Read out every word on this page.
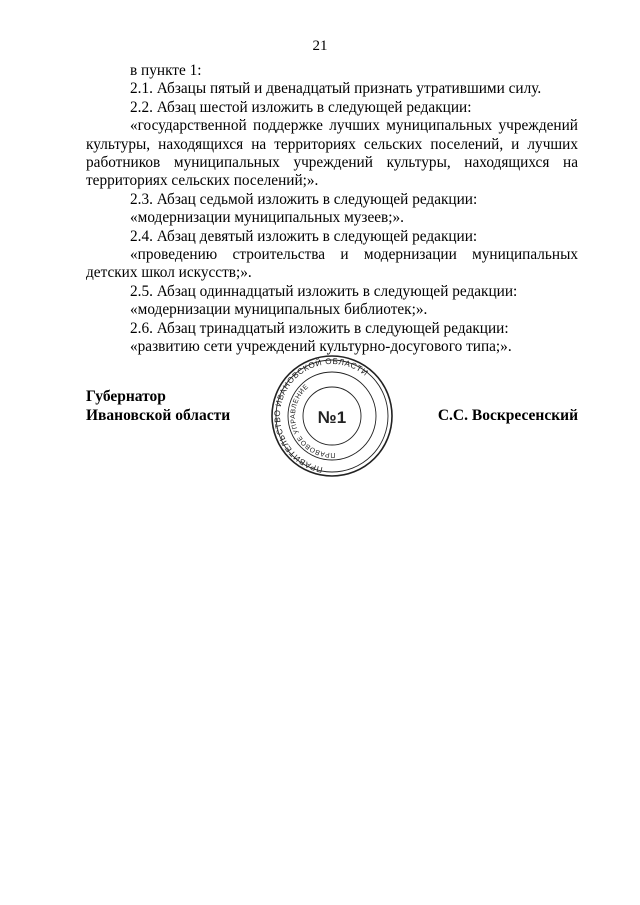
21

в пункте 1:

2.1. Абзацы пятый и двенадцатый признать утратившими силу.

2.2. Абзац шестой изложить в следующей редакции:

«государственной поддержке лучших муниципальных учреждений культуры, находящихся на территориях сельских поселений, и лучших работников муниципальных учреждений культуры, находящихся на территориях сельских поселений;».

2.3. Абзац седьмой изложить в следующей редакции:

«модернизации муниципальных музеев;».

2.4. Абзац девятый изложить в следующей редакции:

«проведению строительства и модернизации муниципальных детских школ искусств;».

2.5. Абзац одиннадцатый изложить в следующей редакции:

«модернизации муниципальных библиотек;».

2.6. Абзац тринадцатый изложить в следующей редакции:

«развитию сети учреждений культурно-досугового типа;».

Губернатор
Ивановской области	С.С. Воскресенский
ПРАВИТЕЛЬСТВО ИВАНОВСКОЙ ОБЛАСТИ
ПРАВОВОЕ УПРАВЛЕНИЕ
№1
